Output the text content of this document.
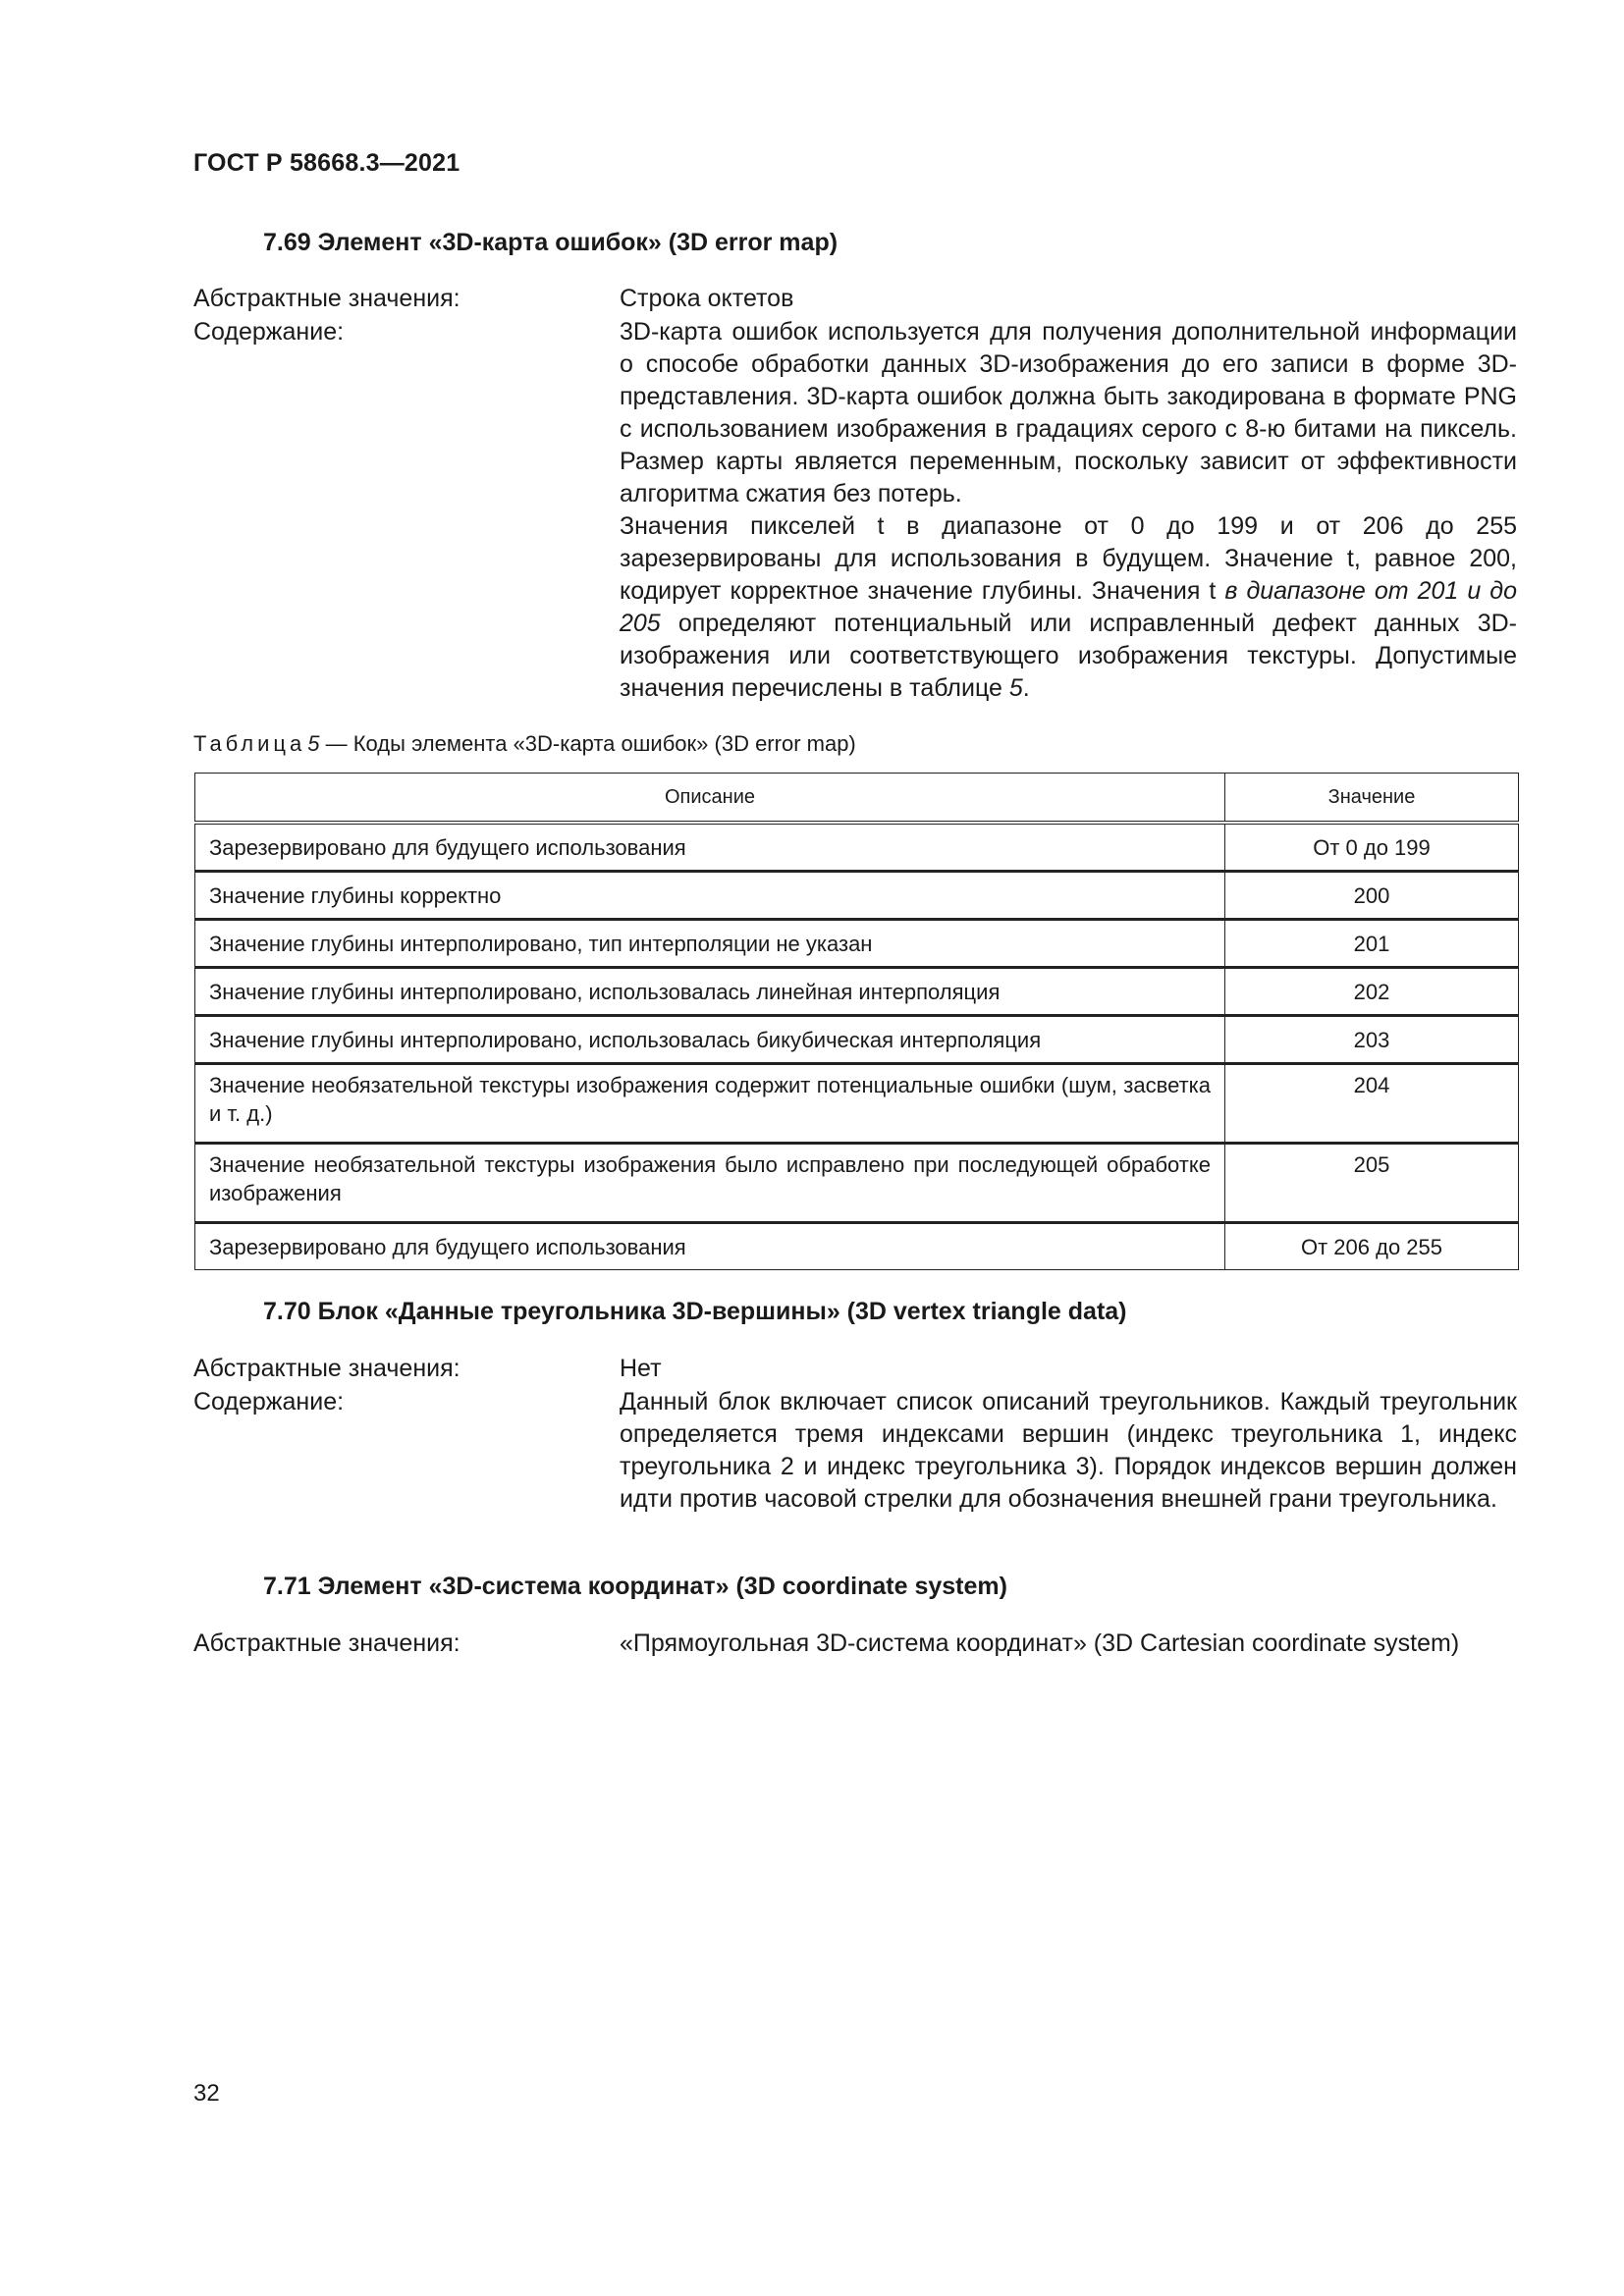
ГОСТ Р 58668.3—2021
7.69 Элемент «3D-карта ошибок» (3D error map)
Абстрактные значения:	Строка октетов
Содержание:	3D-карта ошибок используется для получения дополнительной информации о способе обработки данных 3D-изображения до его записи в форме 3D-представления. 3D-карта ошибок должна быть закодирована в формате PNG с использованием изображения в градациях серого с 8-ю битами на пиксель. Размер карты является переменным, поскольку зависит от эффективности алгоритма сжатия без потерь.

Значения пикселей t в диапазоне от 0 до 199 и от 206 до 255 зарезервированы для использования в будущем. Значение t, равное 200, кодирует корректное значение глубины. Значения t в диапазоне от 201 и до 205 определяют потенциальный или исправленный дефект данных 3D-изображения или соответствующего изображения текстуры. Допустимые значения перечислены в таблице 5.

Таблица5 — Коды элемента «3D-карта ошибок» (3D error map)
Описание	Значение
Зарезервировано для будущего использования	От 0 до 199
Значение глубины корректно	200
Значение глубины интерполировано, тип интерполяции не указан	201
Значение глубины интерполировано, использовалась линейная интерполяция	202
Значение глубины интерполировано, использовалась бикубическая интерполяция	203
Значение необязательной текстуры изображения содержит потенциальные ошибки (шум, засветка и т. д.)	204
Значение необязательной текстуры изображения было исправлено при последующей обработке изображения	205
Зарезервировано для будущего использования	От 206 до 255
7.70 Блок «Данные треугольника 3D-вершины» (3D vertex triangle data)
Абстрактные значения:	Нет
Содержание:	Данный блок включает список описаний треугольников. Каждый треугольник определяется тремя индексами вершин (индекс треугольника 1, индекс треугольника 2 и индекс треугольника 3). Порядок индексов вершин должен идти против часовой стрелки для обозначения внешней грани треугольника.
7.71 Элемент «3D-система координат» (3D coordinate system)
Абстрактные значения:	«Прямоугольная 3D-система координат» (3D Cartesian coordinate system)
32
